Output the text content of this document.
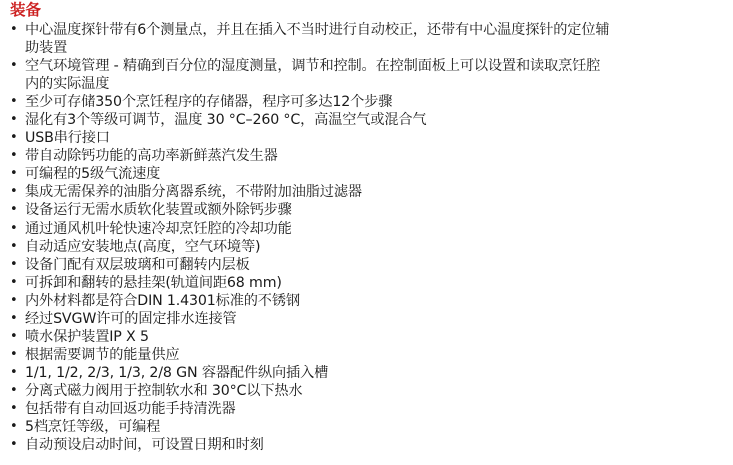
装备
• 中心温度探针带有6个测量点，并且在插入不当时进行自动校正，还带有中心温度探针的定位辅
助装置
• 空气环境管理 - 精确到百分位的湿度测量，调节和控制。在控制面板上可以设置和读取烹饪腔
内的实际温度
• 至少可存储350个烹饪程序的存储器，程序可多达12个步骤
• 湿化有3个等级可调节，温度 30 °C–260 °C，高温空气或混合气
• USB串行接口
• 带自动除钙功能的高功率新鲜蒸汽发生器
• 可编程的5级气流速度
• 集成无需保养的油脂分离器系统，不带附加油脂过滤器
• 设备运行无需水质软化装置或额外除钙步骤
• 通过通风机叶轮快速冷却烹饪腔的冷却功能
• 自动适应安装地点(高度，空气环境等)
• 设备门配有双层玻璃和可翻转内层板
• 可拆卸和翻转的悬挂架(轨道间距68 mm)
• 内外材料都是符合DIN 1.4301标准的不锈钢
• 经过SVGW许可的固定排水连接管
• 喷水保护装置IP X 5
• 根据需要调节的能量供应
• 1/1, 1/2, 2/3, 1/3, 2/8 GN 容器配件纵向插入槽
• 分离式磁力阀用于控制软水和 30°C以下热水
• 包括带有自动回返功能手持清洗器
• 5档烹饪等级，可编程
• 自动预设启动时间，可设置日期和时刻
